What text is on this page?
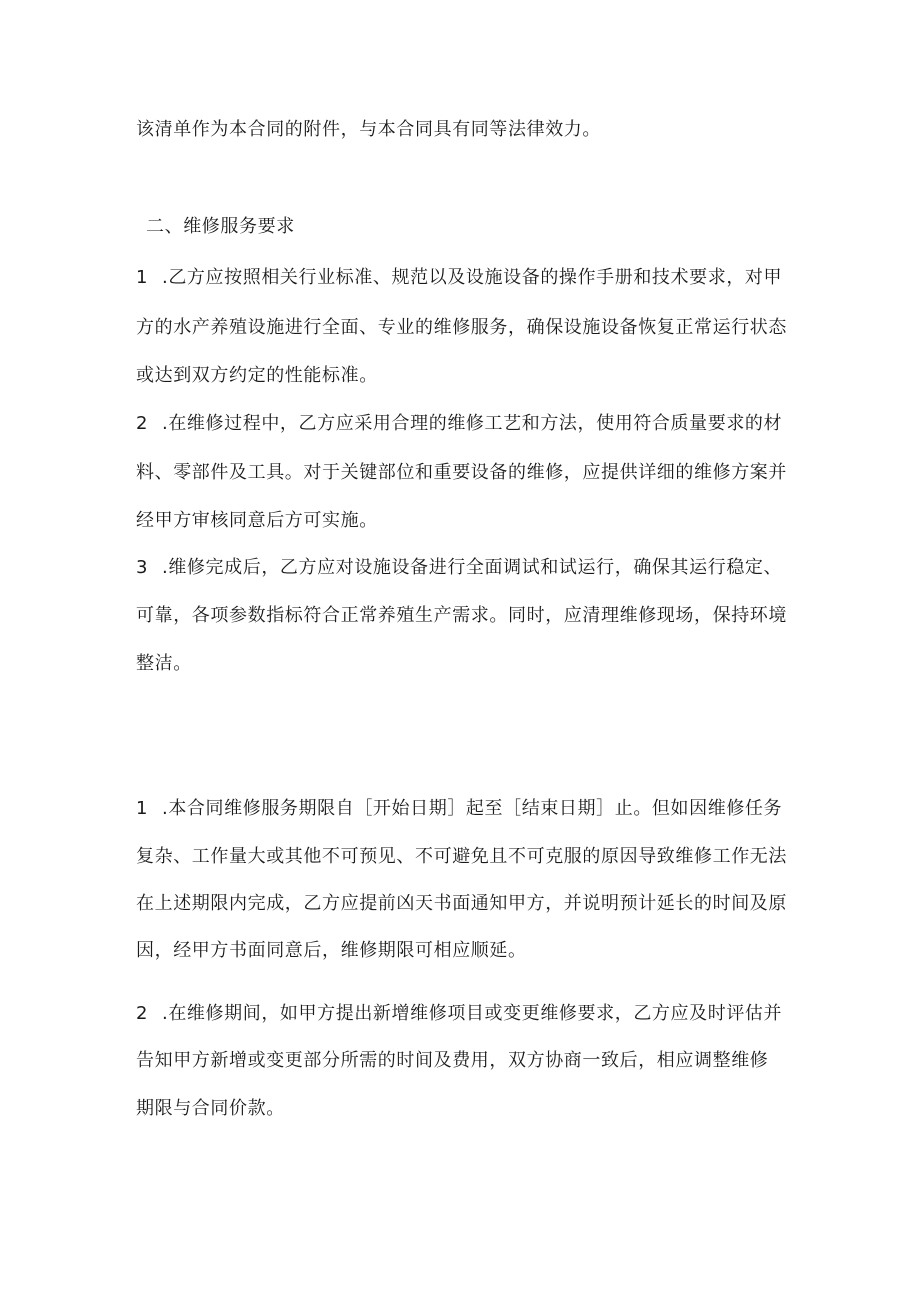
该清单作为本合同的附件，与本合同具有同等法律效力。
二、维修服务要求
1 .乙方应按照相关行业标准、规范以及设施设备的操作手册和技术要求，对甲
方的水产养殖设施进行全面、专业的维修服务，确保设施设备恢复正常运行状态
或达到双方约定的性能标准。
2 .在维修过程中，乙方应采用合理的维修工艺和方法，使用符合质量要求的材
料、零部件及工具。对于关键部位和重要设备的维修，应提供详细的维修方案并
经甲方审核同意后方可实施。
3 .维修完成后，乙方应对设施设备进行全面调试和试运行，确保其运行稳定、
可靠，各项参数指标符合正常养殖生产需求。同时，应清理维修现场，保持环境
整洁。
1 .本合同维修服务期限自［开始日期］起至［结束日期］止。但如因维修任务
复杂、工作量大或其他不可预见、不可避免且不可克服的原因导致维修工作无法
在上述期限内完成，乙方应提前凶天书面通知甲方，并说明预计延长的时间及原
因，经甲方书面同意后，维修期限可相应顺延。
2 .在维修期间，如甲方提出新增维修项目或变更维修要求，乙方应及时评估并
告知甲方新增或变更部分所需的时间及费用，双方协商一致后，相应调整维修
期限与合同价款。
